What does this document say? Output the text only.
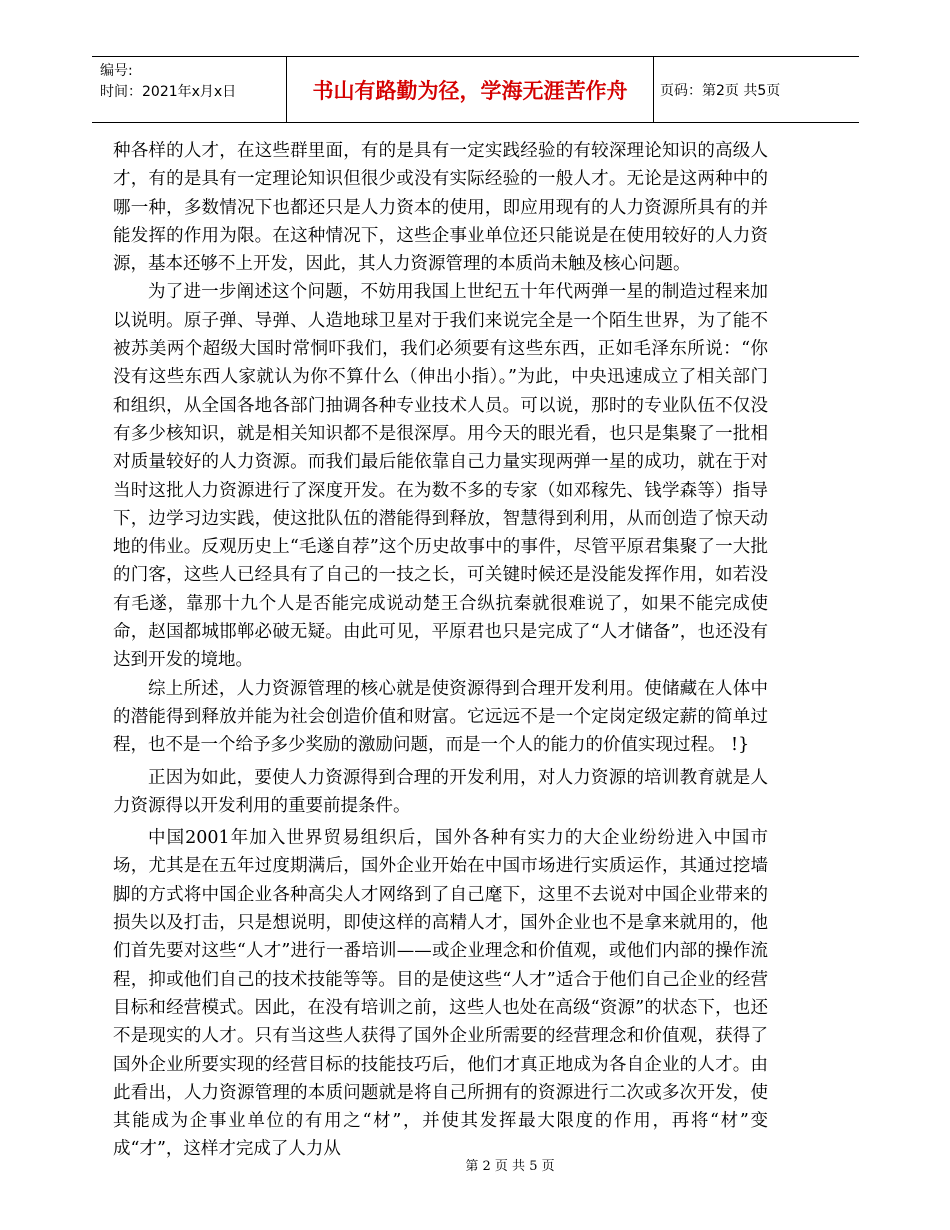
编号:
时间：2021年x月x日	书山有路勤为径，学海无涯苦作舟	页码：第2页 共5页

种各样的人才，在这些群里面，有的是具有一定实践经验的有较深理论知识的高级人才，有的是具有一定理论知识但很少或没有实际经验的一般人才。无论是这两种中的哪一种，多数情况下也都还只是人力资本的使用，即应用现有的人力资源所具有的并能发挥的作用为限。在这种情况下，这些企事业单位还只能说是在使用较好的人力资源，基本还够不上开发，因此，其人力资源管理的本质尚未触及核心问题。

为了进一步阐述这个问题，不妨用我国上世纪五十年代两弹一星的制造过程来加以说明。原子弹、导弹、人造地球卫星对于我们来说完全是一个陌生世界，为了能不被苏美两个超级大国时常恫吓我们，我们必须要有这些东西，正如毛泽东所说：“你没有这些东西人家就认为你不算什么（伸出小指）。”为此，中央迅速成立了相关部门和组织，从全国各地各部门抽调各种专业技术人员。可以说，那时的专业队伍不仅没有多少核知识，就是相关知识都不是很深厚。用今天的眼光看，也只是集聚了一批相对质量较好的人力资源。而我们最后能依靠自己力量实现两弹一星的成功，就在于对当时这批人力资源进行了深度开发。在为数不多的专家（如邓稼先、钱学森等）指导下，边学习边实践，使这批队伍的潜能得到释放，智慧得到利用，从而创造了惊天动地的伟业。反观历史上“毛遂自荐”这个历史故事中的事件，尽管平原君集聚了一大批的门客，这些人已经具有了自己的一技之长，可关键时候还是没能发挥作用，如若没有毛遂，靠那十九个人是否能完成说动楚王合纵抗秦就很难说了，如果不能完成使命，赵国都城邯郸必破无疑。由此可见，平原君也只是完成了“人才储备”，也还没有达到开发的境地。

综上所述，人力资源管理的核心就是使资源得到合理开发利用。使储藏在人体中的潜能得到释放并能为社会创造价值和财富。它远远不是一个定岗定级定薪的简单过程，也不是一个给予多少奖励的激励问题，而是一个人的能力的价值实现过程。 !}

正因为如此，要使人力资源得到合理的开发利用，对人力资源的培训教育就是人力资源得以开发利用的重要前提条件。

中国2001年加入世界贸易组织后，国外各种有实力的大企业纷纷进入中国市场，尤其是在五年过度期满后，国外企业开始在中国市场进行实质运作，其通过挖墙脚的方式将中国企业各种高尖人才网络到了自己麾下，这里不去说对中国企业带来的损失以及打击，只是想说明，即使这样的高精人才，国外企业也不是拿来就用的，他们首先要对这些“人才”进行一番培训——或企业理念和价值观，或他们内部的操作流程，抑或他们自己的技术技能等等。目的是使这些“人才”适合于他们自己企业的经营目标和经营模式。因此，在没有培训之前，这些人也处在高级“资源”的状态下，也还不是现实的人才。只有当这些人获得了国外企业所需要的经营理念和价值观，获得了国外企业所要实现的经营目标的技能技巧后，他们才真正地成为各自企业的人才。由此看出，人力资源管理的本质问题就是将自己所拥有的资源进行二次或多次开发，使其能成为企事业单位的有用之“材”，并使其发挥最大限度的作用，再将“材”变成“才”，这样才完成了人力从

第 2 页 共 5 页
